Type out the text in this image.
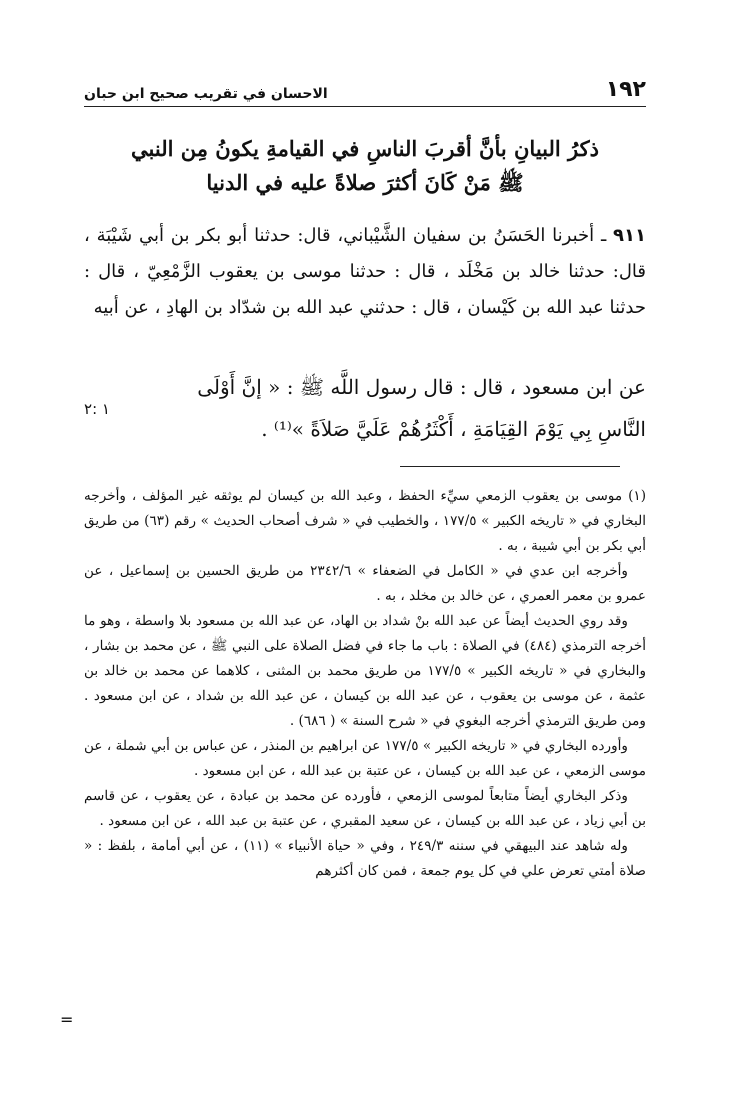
١٩٢
الاحسان في تقريب صحيح ابن حبان
ذكرُ البيانِ بأنَّ أقربَ الناسِ في القيامةِ يكونُ مِن النبي
ﷺ مَنْ كَانَ أكثرَ صلاةً عليه في الدنيا

٩١١ ـ أخبرنا الحَسَنُ بن سفيان الشَّيْباني، قال: حدثنا أبو بكر بن أبي شَيْبَة ، قال: حدثنا خالد بن مَخْلَد ، قال : حدثنا موسى بن يعقوب الزَّمْعِيّ ، قال : حدثنا عبد الله بن كَيْسان ، قال : حدثني عبد الله بن شدّاد بن الهادِ ، عن أبيه

عن ابن مسعود ، قال : قال رسول اللَّه ﷺ : « إنَّ أَوْلَى

النَّاسِ بِي يَوْمَ القِيَامَةِ ، أَكْثَرُهُمْ عَلَيَّ صَلاَةً »⁽¹⁾ .

١ :٢

(١) موسى بن يعقوب الزمعي سيِّء الحفظ ، وعبد الله بن كيسان لم يوثقه غير المؤلف ، وأخرجه البخاري في « تاريخه الكبير » ١٧٧/٥ ، والخطيب في « شرف أصحاب الحديث » رقم (٦٣) من طريق أبي بكر بن أبي شيبة ، به .

وأخرجه ابن عدي في « الكامل في الضعفاء » ٢٣٤٢/٦ من طريق الحسين بن إسماعيل ، عن عمرو بن معمر العمري ، عن خالد بن مخلد ، به .

وقد روي الحديث أيضاً عن عبد الله بنْ شداد بن الهاد، عن عبد الله بن مسعود بلا واسطة ، وهو ما أخرجه الترمذي (٤٨٤) في الصلاة : باب ما جاء في فضل الصلاة على النبي ﷺ ، عن محمد بن بشار ، والبخاري في « تاريخه الكبير » ١٧٧/٥ من طريق محمد بن المثنى ، كلاهما عن محمد بن خالد بن عثمة ، عن موسى بن يعقوب ، عن عبد الله بن كيسان ، عن عبد الله بن شداد ، عن ابن مسعود . ومن طريق الترمذي أخرجه البغوي في « شرح السنة » ( ٦٨٦) .

وأورده البخاري في « تاريخه الكبير » ١٧٧/٥ عن ابراهيم بن المنذر ، عن عباس بن أبي شملة ، عن موسى الزمعي ، عن عبد الله بن كيسان ، عن عتبة بن عبد الله ، عن ابن مسعود .

وذكر البخاري أيضاً متابعاً لموسى الزمعي ، فأورده عن محمد بن عبادة ، عن يعقوب ، عن قاسم بن أبي زياد ، عن عبد الله بن كيسان ، عن سعيد المقبري ، عن عتبة بن عبد الله ، عن ابن مسعود .

وله شاهد عند البيهقي في سننه ٢٤٩/٣ ، وفي « حياة الأنبياء » (١١) ، عن أبي أمامة ، بلفظ : « صلاة أمتي تعرض علي في كل يوم جمعة ، فمن كان أكثرهم

=
